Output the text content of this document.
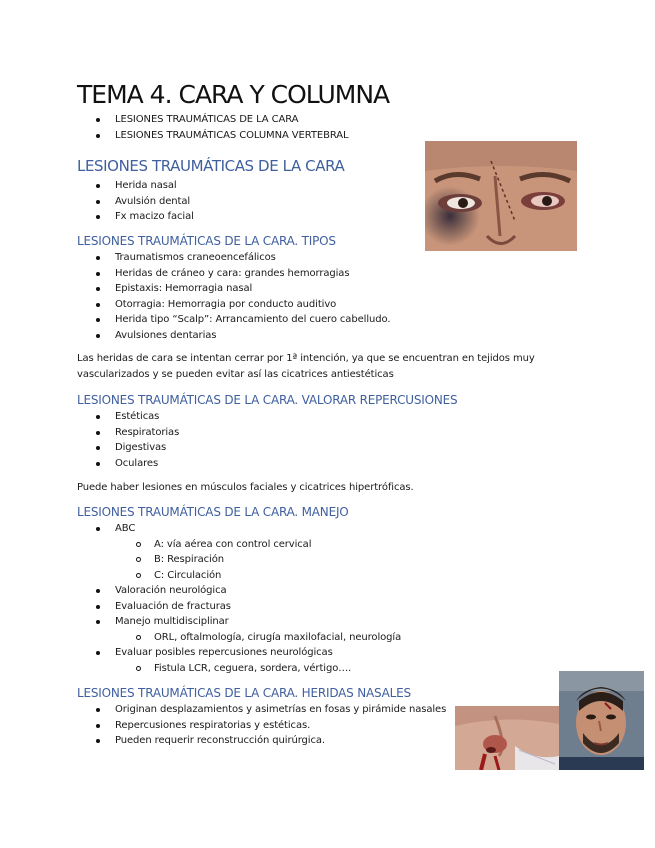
TEMA 4. CARA Y COLUMNA
LESIONES TRAUMÁTICAS DE LA CARA
LESIONES TRAUMÁTICAS COLUMNA VERTEBRAL
LESIONES TRAUMÁTICAS DE LA CARA
Herida nasal
Avulsión dental
Fx macizo facial
LESIONES TRAUMÁTICAS DE LA CARA. TIPOS
Traumatismos craneoencefálicos
Heridas de cráneo y cara: grandes hemorragias
Epistaxis: Hemorragia nasal
Otorragia: Hemorragia por conducto auditivo
Herida tipo “Scalp”: Arrancamiento del cuero cabelludo.
Avulsiones dentarias

Las heridas de cara se intentan cerrar por 1ª intención, ya que se encuentran en tejidos muy
vascularizados y se pueden evitar así las cicatrices antiestéticas

LESIONES TRAUMÁTICAS DE LA CARA. VALORAR REPERCUSIONES
Estéticas
Respiratorias
Digestivas
Oculares

Puede haber lesiones en músculos faciales y cicatrices hipertróficas.

LESIONES TRAUMÁTICAS DE LA CARA. MANEJO
ABC
A: vía aérea con control cervical
B: Respiración
C: Circulación
Valoración neurológica
Evaluación de fracturas
Manejo multidisciplinar
ORL, oftalmología, cirugía maxilofacial, neurología
Evaluar posibles repercusiones neurológicas
Fistula LCR, ceguera, sordera, vértigo….
LESIONES TRAUMÁTICAS DE LA CARA. HERIDAS NASALES
Originan desplazamientos y asimetrías en fosas y pirámide nasales
Repercusiones respiratorias y estéticas.
Pueden requerir reconstrucción quirúrgica.
